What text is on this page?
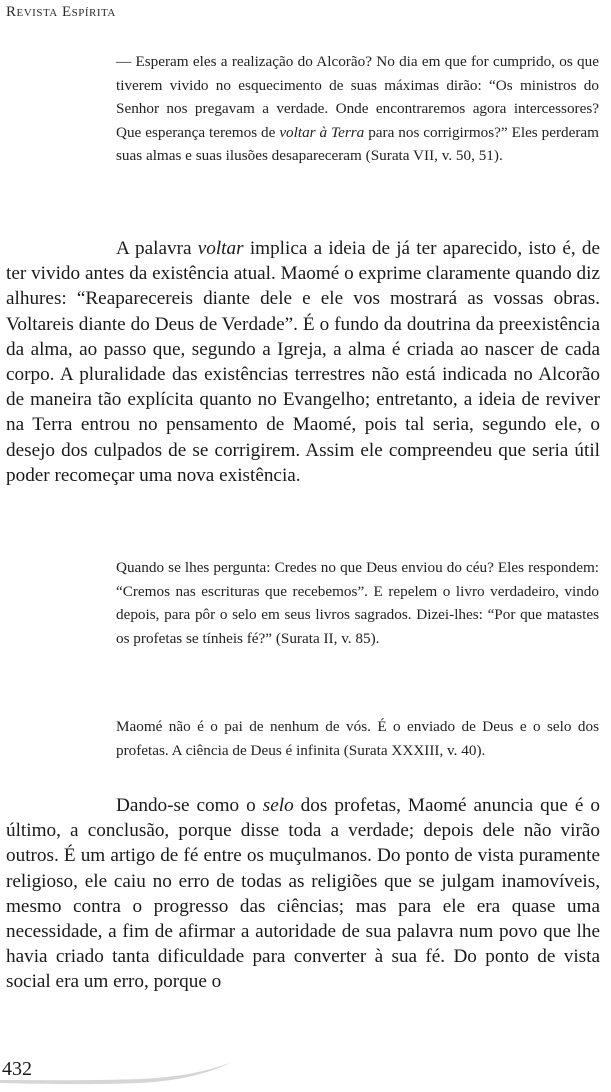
Revista Espírita

— Esperam eles a realização do Alcorão? No dia em que for cumprido, os que tiverem vivido no esquecimento de suas máximas dirão: “Os ministros do Senhor nos pregavam a verdade. Onde encontraremos agora intercessores? Que esperança teremos de voltar à Terra para nos corrigirmos?” Eles perderam suas almas e suas ilusões desapareceram (Surata VII, v. 50, 51).

A palavra voltar implica a ideia de já ter aparecido, isto é, de ter vivido antes da existência atual. Maomé o exprime claramente quando diz alhures: “Reaparecereis diante dele e ele vos mostrará as vossas obras. Voltareis diante do Deus de Verdade”. É o fundo da doutrina da preexistência da alma, ao passo que, segundo a Igreja, a alma é criada ao nascer de cada corpo. A pluralidade das existências terrestres não está indicada no Alcorão de maneira tão explícita quanto no Evangelho; entretanto, a ideia de reviver na Terra entrou no pensamento de Maomé, pois tal seria, segundo ele, o desejo dos culpados de se corrigirem. Assim ele compreendeu que seria útil poder recomeçar uma nova existência.

Quando se lhes pergunta: Credes no que Deus enviou do céu? Eles respondem: “Cremos nas escrituras que recebemos”. E repelem o livro verdadeiro, vindo depois, para pôr o selo em seus livros sagrados. Dizei-lhes: “Por que matastes os profetas se tínheis fé?” (Surata II, v. 85).

Maomé não é o pai de nenhum de vós. É o enviado de Deus e o selo dos profetas. A ciência de Deus é infinita (Surata XXXIII, v. 40).

Dando-se como o selo dos profetas, Maomé anuncia que é o último, a conclusão, porque disse toda a verdade; depois dele não virão outros. É um artigo de fé entre os muçulmanos. Do ponto de vista puramente religioso, ele caiu no erro de todas as religiões que se julgam inamovíveis, mesmo contra o progresso das ciências; mas para ele era quase uma necessidade, a fim de afirmar a autoridade de sua palavra num povo que lhe havia criado tanta dificuldade para converter à sua fé. Do ponto de vista social era um erro, porque o

432
